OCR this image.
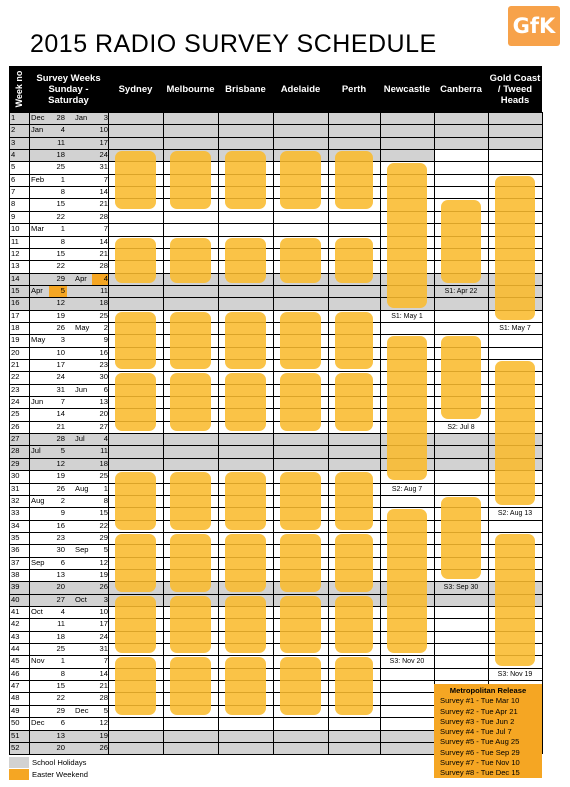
GfK
2015 RADIO SURVEY SCHEDULE
Week no Survey Weeks
Sunday - Saturday
Sydney	Melbourne	Brisbane	Adelaide	Perth	Newcastle	Canberra
Gold Coast / Tweed Heads
1	Dec	28 Jan	3
2	Jan	4	10
3	11	17
4	18	24
5	25	31
6	Feb	1	7
7	8	14
8	15	21
9	22	28
10	Mar	1	7
11	8	14
12	15	21
13	22	28
14	29 Apr	4
15	Apr	5	11
16	12	18
17	19	25
18	26 May	2
19	May	3	9
20	10	16
21	17	23
22	24	30
23	31 Jun	6
24	Jun	7	13
25	14	20
26	21	27
27	28 Jul	4
28	Jul	5	11
29	12	18
30	19	25
31	26 Aug	1
32	Aug	2	8
33	9	15
34	16	22
35	23	29
36	30 Sep	5
37	Sep	6	12
38	13	19
39	20	26
40	27 Oct	3
41	Oct	4	10
42	11	17
43	18	24
44	25	31
45	Nov	1	7
46	8	14
47	15	21
48	22	28
49	29 Dec	5
50	Dec	6	12
51	13	19
52	20	26
S1: May 1
S2: Aug 7
S3: Nov 20
S1: Apr 22
S2: Jul 8
S3: Sep 30
S1: May 7
S2: Aug 13
S3: Nov 19
School Holidays
Easter Weekend
Metropolitan Release
Survey #1 - Tue Mar 10
Survey #2 - Tue Apr 21
Survey #3 - Tue Jun 2
Survey #4 - Tue Jul 7
Survey #5 - Tue Aug 25
Survey #6 - Tue Sep 29
Survey #7 - Tue Nov 10
Survey #8 - Tue Dec 15
